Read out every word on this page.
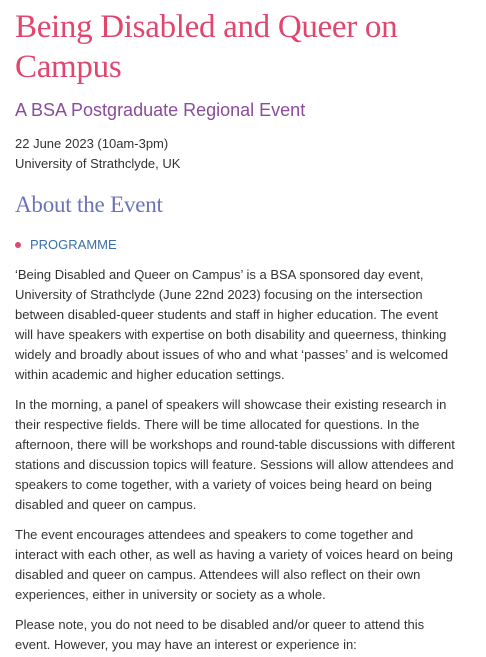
Being Disabled and Queer on Campus
A BSA Postgraduate Regional Event
22 June 2023 (10am-3pm)
University of Strathclyde, UK
About the Event
PROGRAMME

‘Being Disabled and Queer on Campus’ is a BSA sponsored day event, University of Strathclyde (June 22nd 2023) focusing on the intersection between disabled-queer students and staff in higher education. The event will have speakers with expertise on both disability and queerness, thinking widely and broadly about issues of who and what ‘passes’ and is welcomed within academic and higher education settings.

In the morning, a panel of speakers will showcase their existing research in their respective fields. There will be time allocated for questions. In the afternoon, there will be workshops and round-table discussions with different stations and discussion topics will feature. Sessions will allow attendees and speakers to come together, with a variety of voices being heard on being disabled and queer on campus.

The event encourages attendees and speakers to come together and interact with each other, as well as having a variety of voices heard on being disabled and queer on campus. Attendees will also reflect on their own experiences, either in university or society as a whole.

Please note, you do not need to be disabled and/or queer to attend this event. However, you may have an interest or experience in:
